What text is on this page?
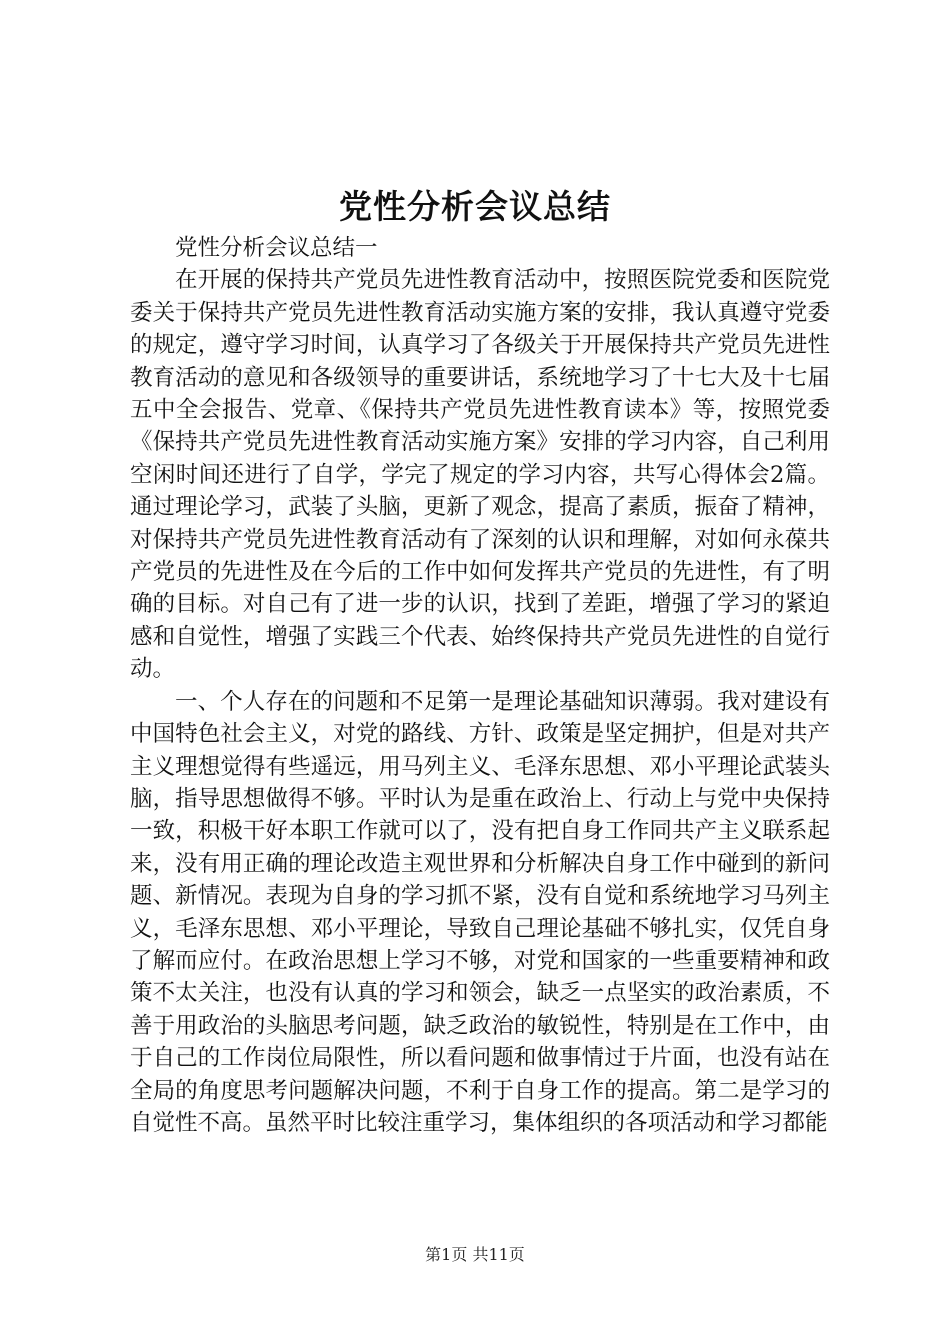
党性分析会议总结

党性分析会议总结一

在开展的保持共产党员先进性教育活动中，按照医院党委和医院党委关于保持共产党员先进性教育活动实施方案的安排，我认真遵守党委的规定，遵守学习时间，认真学习了各级关于开展保持共产党员先进性教育活动的意见和各级领导的重要讲话，系统地学习了十七大及十七届五中全会报告、党章、《保持共产党员先进性教育读本》等，按照党委《保持共产党员先进性教育活动实施方案》安排的学习内容，自己利用空闲时间还进行了自学，学完了规定的学习内容，共写心得体会2篇。通过理论学习，武装了头脑，更新了观念，提高了素质，振奋了精神，对保持共产党员先进性教育活动有了深刻的认识和理解，对如何永葆共产党员的先进性及在今后的工作中如何发挥共产党员的先进性，有了明确的目标。对自己有了进一步的认识，找到了差距，增强了学习的紧迫感和自觉性，增强了实践三个代表、始终保持共产党员先进性的自觉行动。

一、个人存在的问题和不足第一是理论基础知识薄弱。我对建设有中国特色社会主义，对党的路线、方针、政策是坚定拥护，但是对共产主义理想觉得有些遥远，用马列主义、毛泽东思想、邓小平理论武装头脑，指导思想做得不够。平时认为是重在政治上、行动上与党中央保持一致，积极干好本职工作就可以了，没有把自身工作同共产主义联系起来，没有用正确的理论改造主观世界和分析解决自身工作中碰到的新问题、新情况。表现为自身的学习抓不紧，没有自觉和系统地学习马列主义，毛泽东思想、邓小平理论，导致自己理论基础不够扎实，仅凭自身了解而应付。在政治思想上学习不够，对党和国家的一些重要精神和政策不太关注，也没有认真的学习和领会，缺乏一点坚实的政治素质，不善于用政治的头脑思考问题，缺乏政治的敏锐性，特别是在工作中，由于自己的工作岗位局限性，所以看问题和做事情过于片面，也没有站在全局的角度思考问题解决问题，不利于自身工作的提高。第二是学习的自觉性不高。虽然平时比较注重学习，集体组织的各项活动和学习都能

第1页 共11页
